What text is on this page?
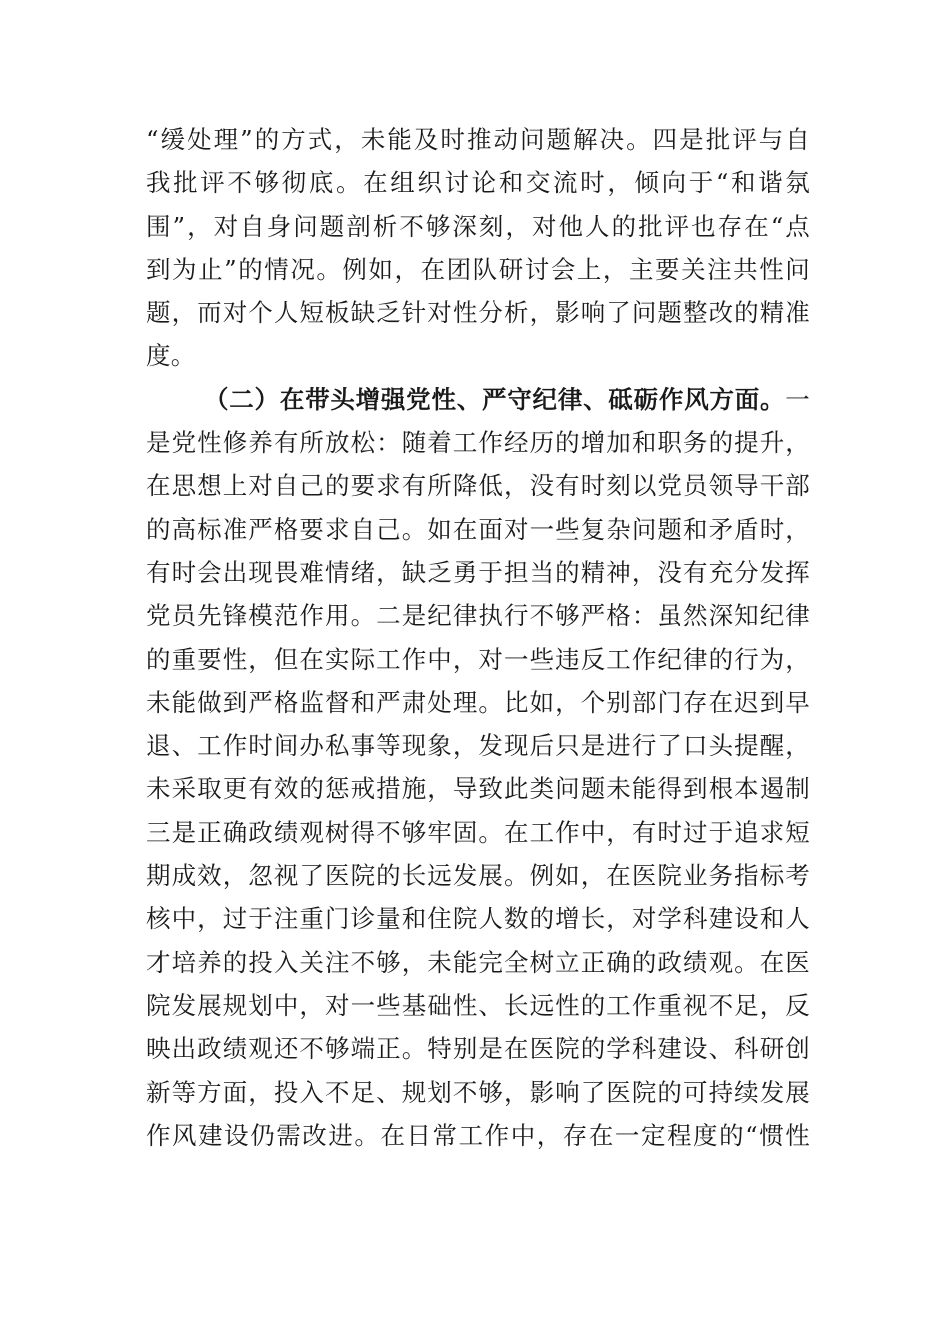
“缓处理”的方式，未能及时推动问题解决。四是批评与自
我批评不够彻底。在组织讨论和交流时，倾向于“和谐氛
围”，对自身问题剖析不够深刻，对他人的批评也存在“点
到为止”的情况。例如，在团队研讨会上，主要关注共性问
题，而对个人短板缺乏针对性分析，影响了问题整改的精准
度。
（二）在带头增强党性、严守纪律、砥砺作风方面。一
是党性修养有所放松：随着工作经历的增加和职务的提升，
在思想上对自己的要求有所降低，没有时刻以党员领导干部
的高标准严格要求自己。如在面对一些复杂问题和矛盾时，
有时会出现畏难情绪，缺乏勇于担当的精神，没有充分发挥
党员先锋模范作用。二是纪律执行不够严格：虽然深知纪律
的重要性，但在实际工作中，对一些违反工作纪律的行为，
未能做到严格监督和严肃处理。比如，个别部门存在迟到早
退、工作时间办私事等现象，发现后只是进行了口头提醒，
未采取更有效的惩戒措施，导致此类问题未能得到根本遏制
三是正确政绩观树得不够牢固。在工作中，有时过于追求短
期成效，忽视了医院的长远发展。例如，在医院业务指标考
核中，过于注重门诊量和住院人数的增长，对学科建设和人
才培养的投入关注不够，未能完全树立正确的政绩观。在医
院发展规划中，对一些基础性、长远性的工作重视不足，反
映出政绩观还不够端正。特别是在医院的学科建设、科研创
新等方面，投入不足、规划不够，影响了医院的可持续发展
作风建设仍需改进。在日常工作中，存在一定程度的“惯性
